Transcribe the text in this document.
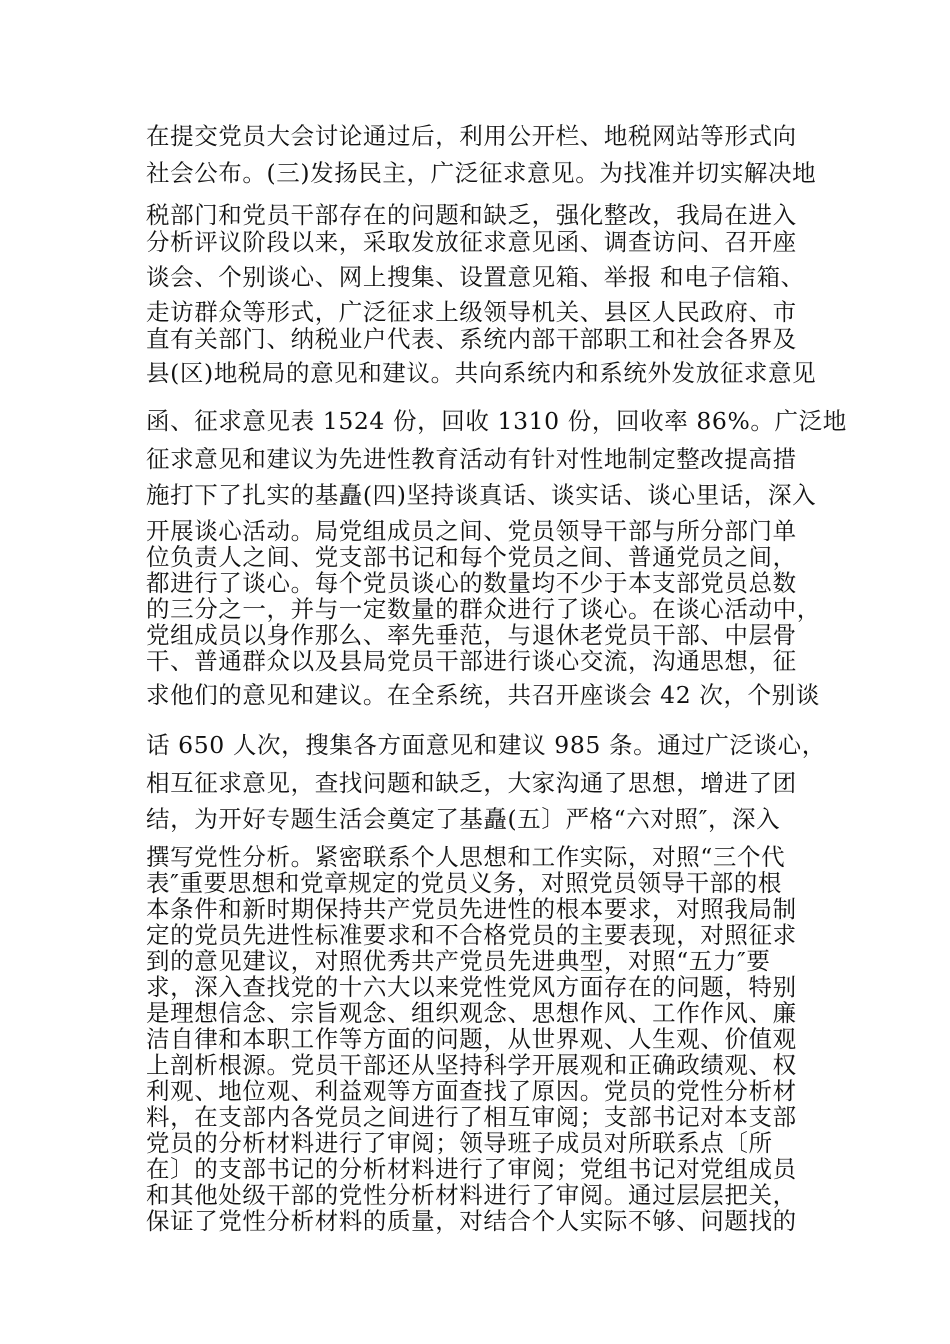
在提交党员大会讨论通过后，利用公开栏、地税网站等形式向
社会公布。(三)发扬民主，广泛征求意见。为找准并切实解决地
税部门和党员干部存在的问题和缺乏，强化整改，我局在进入
分析评议阶段以来，采取发放征求意见函、调查访问、召开座
谈会、个别谈心、网上搜集、设置意见箱、举报 和电子信箱、
走访群众等形式，广泛征求上级领导机关、县区人民政府、市
直有关部门、纳税业户代表、系统内部干部职工和社会各界及
县(区)地税局的意见和建议。共向系统内和系统外发放征求意见
函、征求意见表 1524 份，回收 1310 份，回收率 86%。广泛地
征求意见和建议为先进性教育活动有针对性地制定整改提高措
施打下了扎实的基矗(四)坚持谈真话、谈实话、谈心里话，深入
开展谈心活动。局党组成员之间、党员领导干部与所分部门单
位负责人之间、党支部书记和每个党员之间、普通党员之间，
都进行了谈心。每个党员谈心的数量均不少于本支部党员总数
的三分之一，并与一定数量的群众进行了谈心。在谈心活动中，
党组成员以身作那么、率先垂范，与退休老党员干部、中层骨
干、普通群众以及县局党员干部进行谈心交流，沟通思想，征
求他们的意见和建议。在全系统，共召开座谈会 42 次，个别谈
话 650 人次，搜集各方面意见和建议 985 条。通过广泛谈心，
相互征求意见，查找问题和缺乏，大家沟通了思想，增进了团
结，为开好专题生活会奠定了基矗(五〕严格“六对照″，深入
撰写党性分析。紧密联系个人思想和工作实际，对照“三个代
表″重要思想和党章规定的党员义务，对照党员领导干部的根
本条件和新时期保持共产党员先进性的根本要求，对照我局制
定的党员先进性标准要求和不合格党员的主要表现，对照征求
到的意见建议，对照优秀共产党员先进典型，对照“五力″要
求，深入查找党的十六大以来党性党风方面存在的问题，特别
是理想信念、宗旨观念、组织观念、思想作风、工作作风、廉
洁自律和本职工作等方面的问题，从世界观、人生观、价值观
上剖析根源。党员干部还从坚持科学开展观和正确政绩观、权
利观、地位观、利益观等方面查找了原因。党员的党性分析材
料，在支部内各党员之间进行了相互审阅；支部书记对本支部
党员的分析材料进行了审阅；领导班子成员对所联系点〔所
在〕的支部书记的分析材料进行了审阅；党组书记对党组成员
和其他处级干部的党性分析材料进行了审阅。通过层层把关，
保证了党性分析材料的质量，对结合个人实际不够、问题找的
